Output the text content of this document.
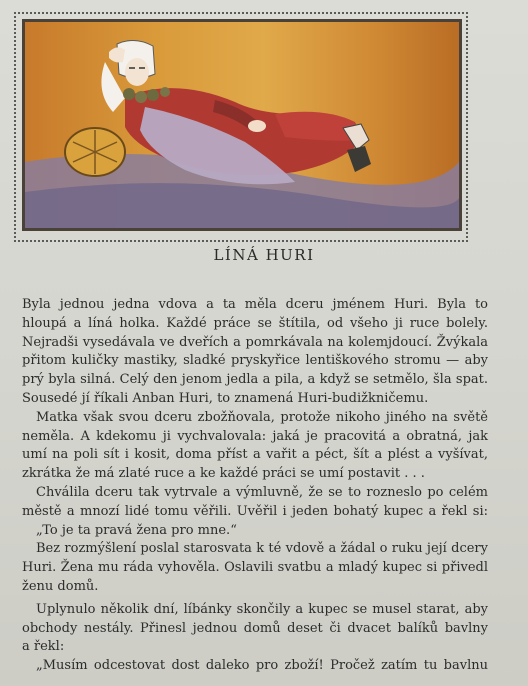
LÍNÁ HURI
Byla jednou jedna vdova a ta měla dceru jménem Huri. Byla to
hloupá a líná holka. Každé práce se štítila, od všeho ji ruce bolely.
Nejradši vysedávala ve dveřích a pomrkávala na kolemjdoucí. Žvýkala
přitom kuličky mastiky, sladké pryskyřice lentiškového stromu — aby
prý byla silná. Celý den jenom jedla a pila, a když se setmělo, šla spat.
Sousedé jí říkali Anban Huri, to znamená Huri-budižkničemu.
Matka však svou dceru zbožňovala, protože nikoho jiného na světě
neměla. A kdekomu ji vychvalovala: jaká je pracovitá a obratná, jak
umí na poli sít i kosit, doma příst a vařit a péct, šít a plést a vyšívat,
zkrátka že má zlaté ruce a ke každé práci se umí postavit . . .
Chválila dceru tak vytrvale a výmluvně, že se to rozneslo po celém
městě a mnozí lidé tomu věřili. Uvěřil i jeden bohatý kupec a řekl si:
„To je ta pravá žena pro mne.“
Bez rozmýšlení poslal starosvata k té vdově a žádal o ruku její dcery
Huri. Žena mu ráda vyhověla. Oslavili svatbu a mladý kupec si přivedl
ženu domů.
Uplynulo několik dní, líbánky skončily a kupec se musel starat, aby
obchody nestály. Přinesl jednou domů deset či dvacet balíků bavlny
a řekl:
„Musím odcestovat dost daleko pro zboží! Pročež zatím tu bavlnu
